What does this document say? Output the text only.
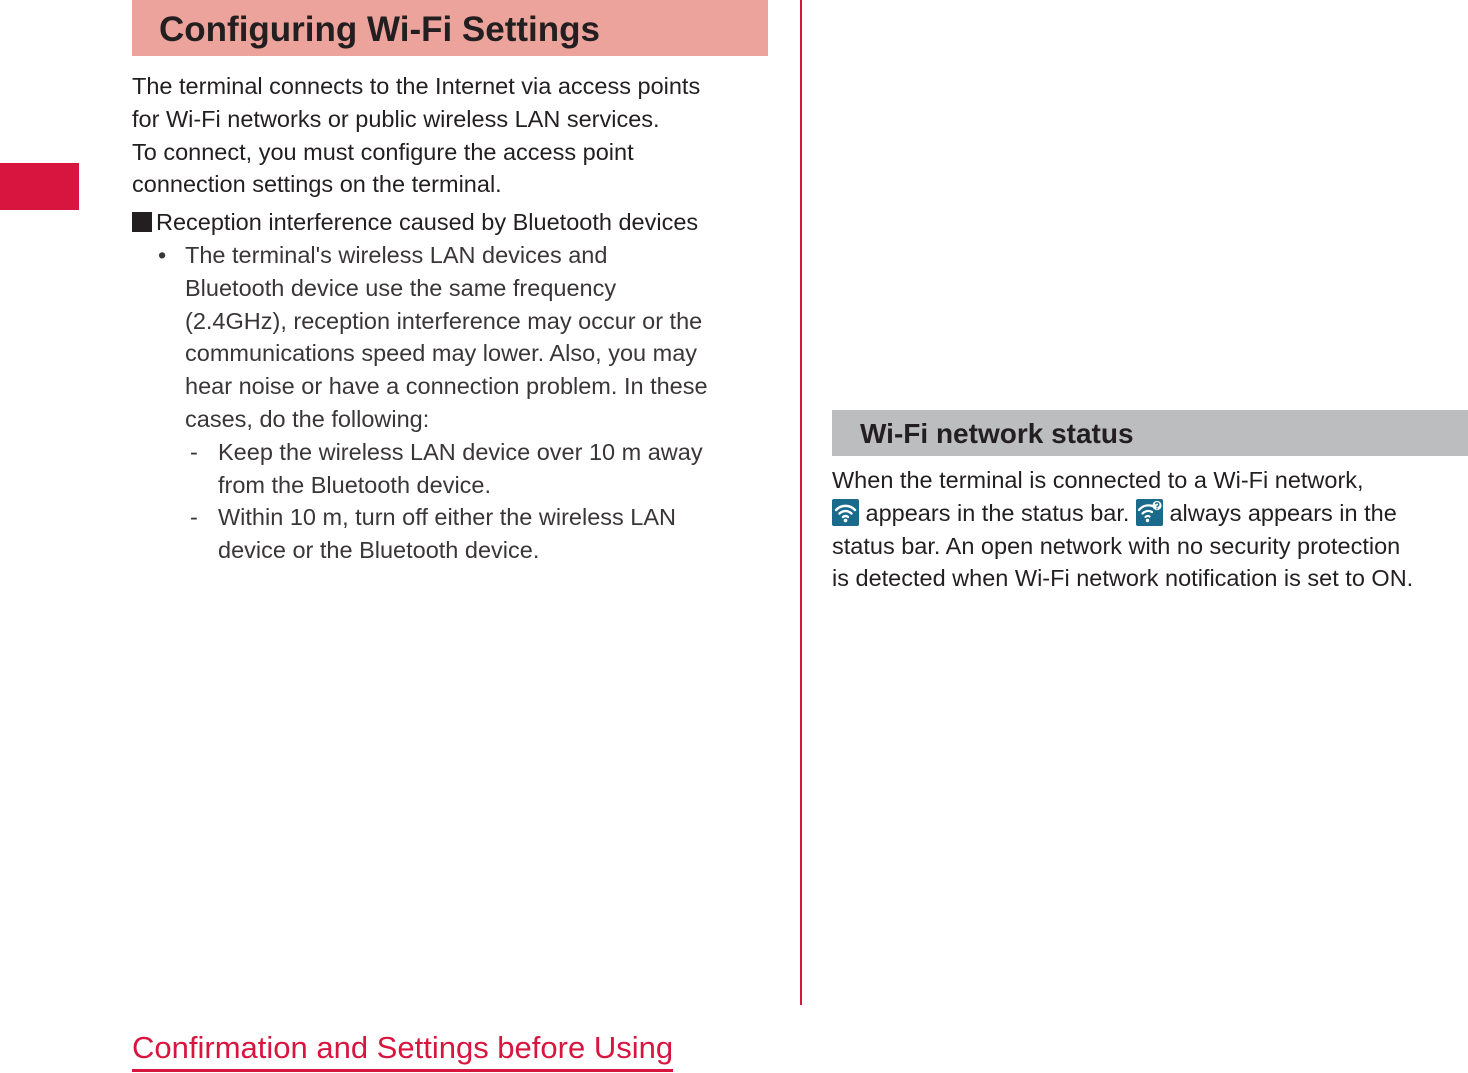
Configuring Wi-Fi Settings
The terminal connects to the Internet via access points
for Wi-Fi networks or public wireless LAN services.
To connect, you must configure the access point
connection settings on the terminal.
Reception interference caused by Bluetooth devices
• The terminal's wireless LAN devices and
Bluetooth device use the same frequency
(2.4GHz), reception interference may occur or the
communications speed may lower. Also, you may
hear noise or have a connection problem. In these
cases, do the following:
- Keep the wireless LAN device over 10 m away
from the Bluetooth device.
- Within 10 m, turn off either the wireless LAN
device or the Bluetooth device.
Wi-Fi network status
When the terminal is connected to a Wi-Fi network,
appears in the status bar.
always appears in the
status bar. An open network with no security protection
is detected when Wi-Fi network notification is set to ON.
Confirmation and Settings before Using
